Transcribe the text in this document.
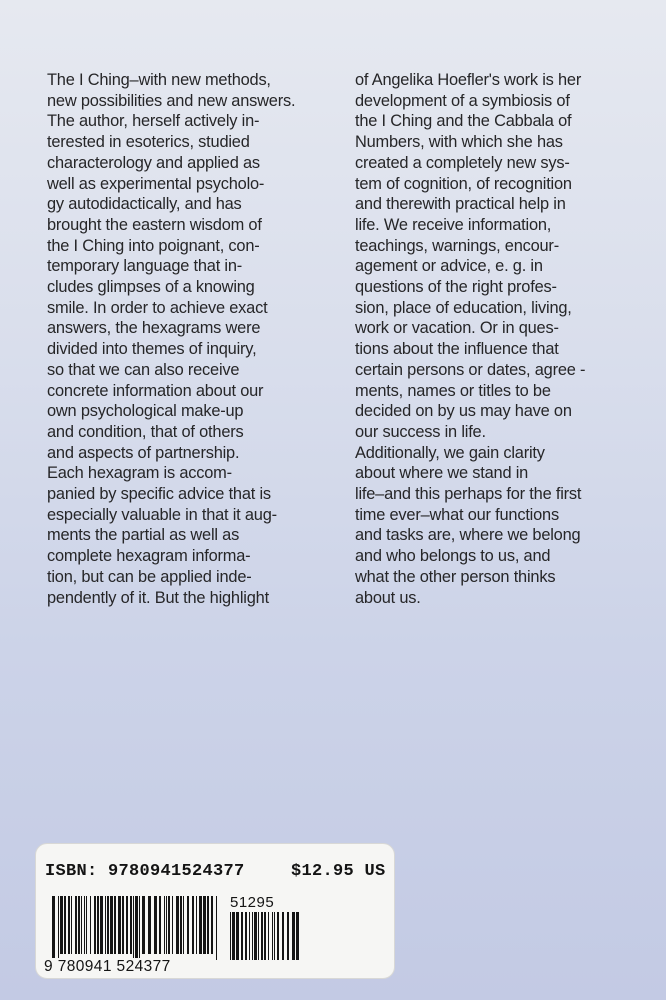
The I Ching–with new methods,
new possibilities and new answers.
The author, herself actively in-
terested in esoterics, studied
characterology and applied as
well as experimental psycholo-
gy autodidactically, and has
brought the eastern wisdom of
the I Ching into poignant, con-
temporary language that in-
cludes glimpses of a knowing
smile. In order to achieve exact
answers, the hexagrams were
divided into themes of inquiry,
so that we can also receive
concrete information about our
own psychological make-up
and condition, that of others
and aspects of partnership.
Each hexagram is accom-
panied by specific advice that is
especially valuable in that it aug-
ments the partial as well as
complete hexagram informa-
tion, but can be applied inde-
pendently of it. But the highlight
of Angelika Hoefler's work is her
development of a symbiosis of
the I Ching and the Cabbala of
Numbers, with which she has
created a completely new sys-
tem of cognition, of recognition
and therewith practical help in
life. We receive information,
teachings, warnings, encour-
agement or advice, e. g. in
questions of the right profes-
sion, place of education, living,
work or vacation. Or in ques-
tions about the influence that
certain persons or dates, agree -
ments, names or titles to be
decided on by us may have on
our success in life.
Additionally, we gain clarity
about where we stand in
life–and this perhaps for the first
time ever–what our functions
and tasks are, where we belong
and who belongs to us, and
what the other person thinks
about us.
ISBN: 9780941524377	$12.95 US
51295
9 780941 524377
